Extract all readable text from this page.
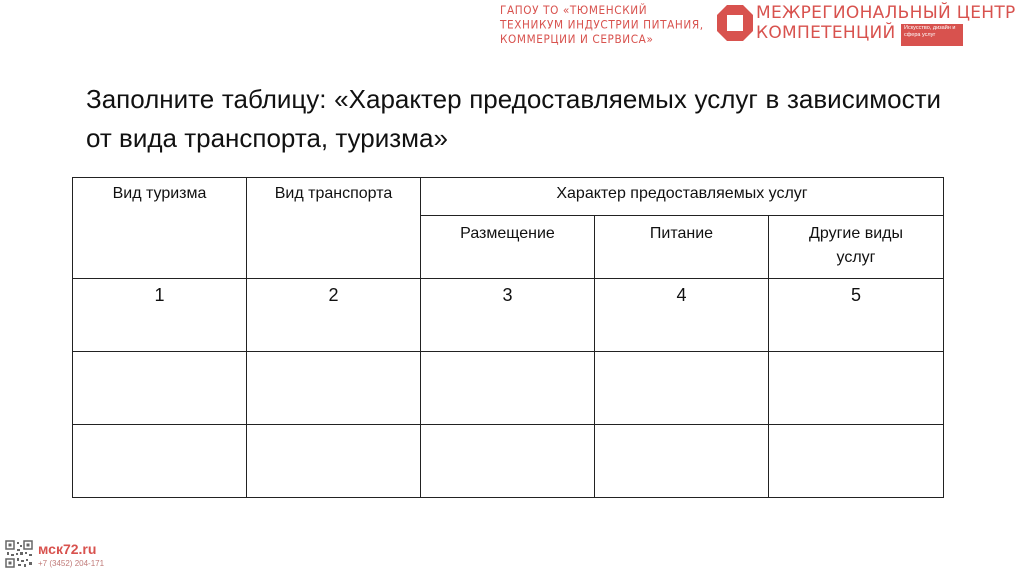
ГАПОУ ТО «ТЮМЕНСКИЙ
ТЕХНИКУМ ИНДУСТРИИ ПИТАНИЯ,
КОММЕРЦИИ И СЕРВИСА»
МЕЖРЕГИОНАЛЬНЫЙ ЦЕНТР
КОМПЕТЕНЦИЙ	Искусство, дизайн и сфера услуг
Заполните таблицу: «Характер предоставляемых услуг в зависимости от вида транспорта, туризма»
Вид туризма	Вид транспорта	Характер предоставляемых услуг		
		Размещение	Питание	Другие виды услуг
1	2	3	4	5

мск72.ru
+7 (3452) 204-171
